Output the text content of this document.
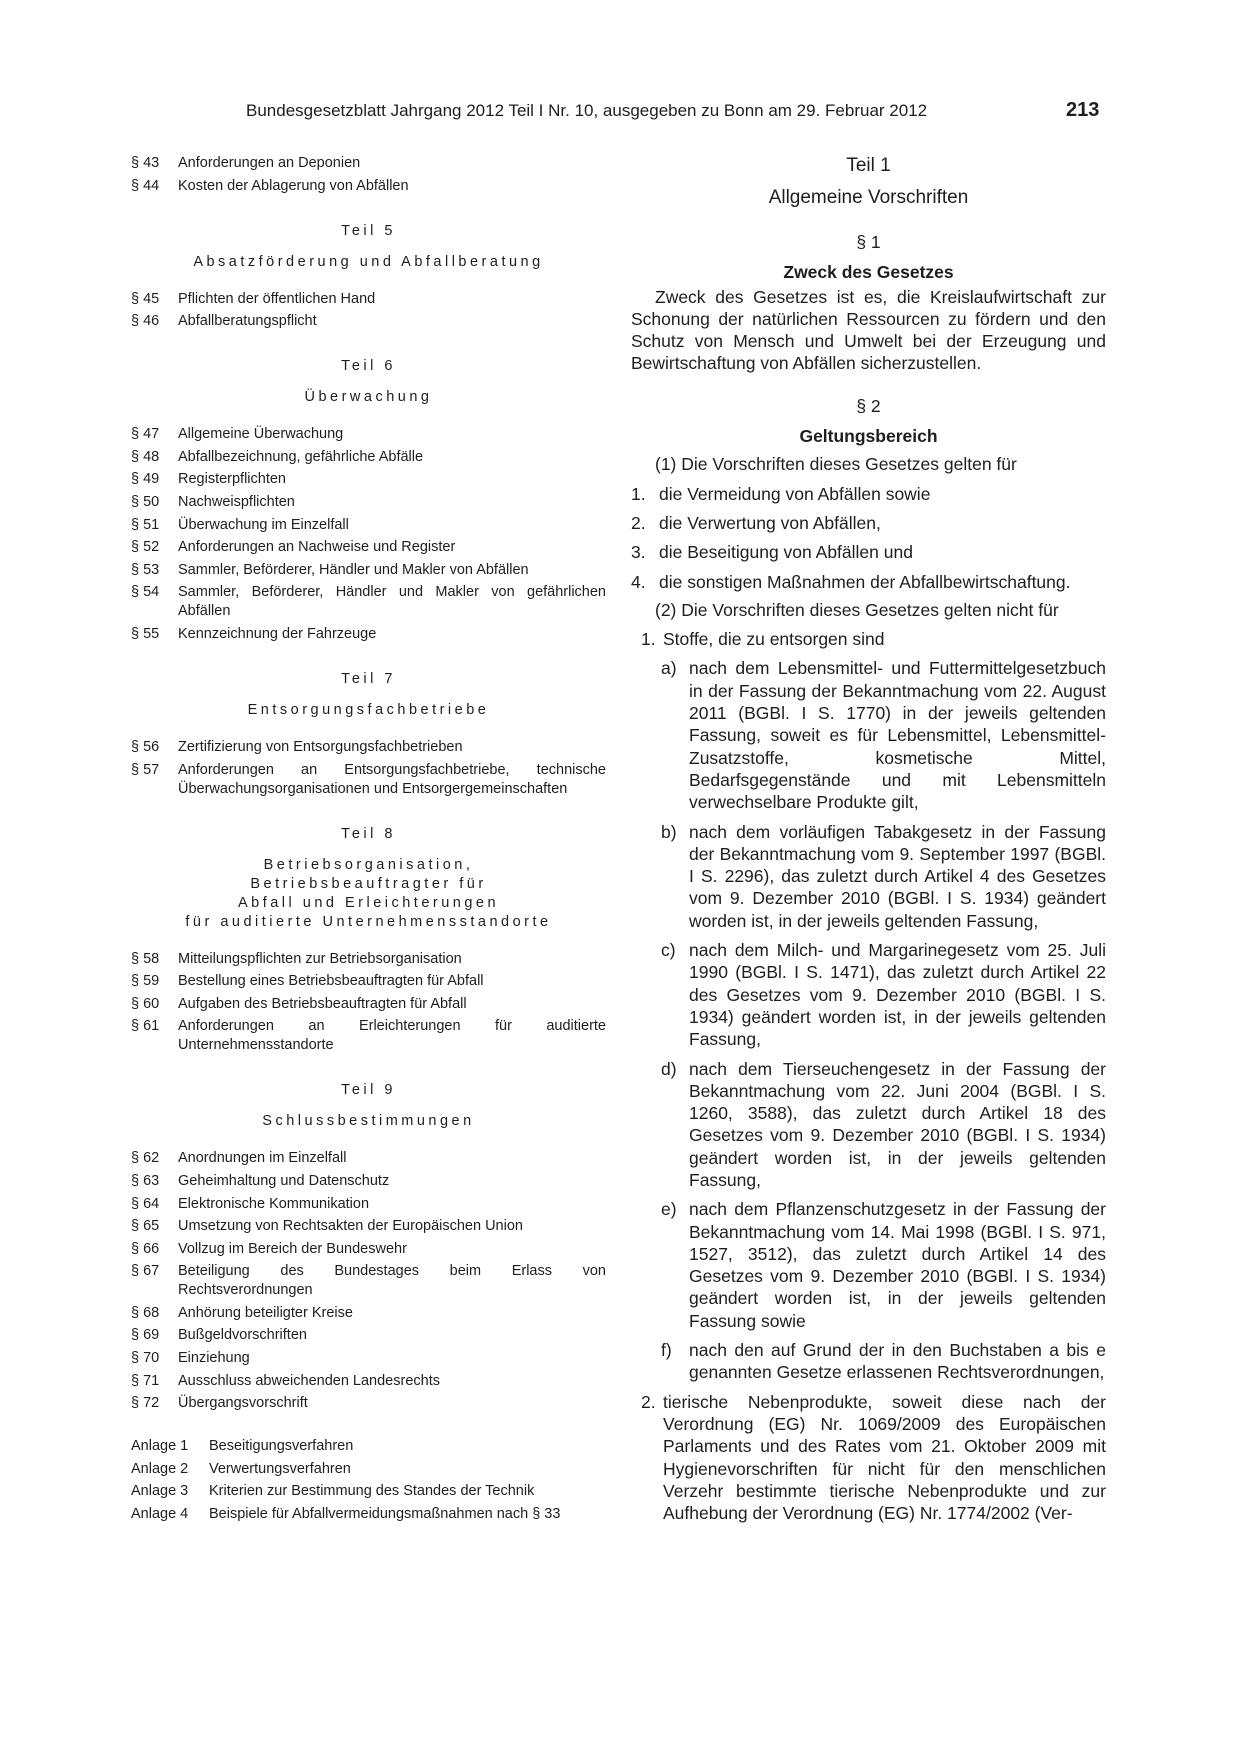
Bundesgesetzblatt Jahrgang 2012 Teil I Nr. 10, ausgegeben zu Bonn am 29. Februar 2012	213
§ 43	Anforderungen an Deponien
§ 44	Kosten der Ablagerung von Abfällen
Teil 5
Absatzförderung und Abfallberatung
§ 45	Pflichten der öffentlichen Hand
§ 46	Abfallberatungspflicht
Teil 6
Überwachung
§ 47	Allgemeine Überwachung
§ 48	Abfallbezeichnung, gefährliche Abfälle
§ 49	Registerpflichten
§ 50	Nachweispflichten
§ 51	Überwachung im Einzelfall
§ 52	Anforderungen an Nachweise und Register
§ 53	Sammler, Beförderer, Händler und Makler von Abfällen
§ 54	Sammler, Beförderer, Händler und Makler von gefährlichen Abfällen
§ 55	Kennzeichnung der Fahrzeuge
Teil 7
Entsorgungsfachbetriebe
§ 56	Zertifizierung von Entsorgungsfachbetrieben
§ 57	Anforderungen an Entsorgungsfachbetriebe, technische Überwachungsorganisationen und Entsorgergemeinschaften
Teil 8
Betriebsorganisation,
Betriebsbeauftragter für
Abfall und Erleichterungen
für auditierte Unternehmensstandorte
§ 58	Mitteilungspflichten zur Betriebsorganisation
§ 59	Bestellung eines Betriebsbeauftragten für Abfall
§ 60	Aufgaben des Betriebsbeauftragten für Abfall
§ 61	Anforderungen an Erleichterungen für auditierte Unternehmensstandorte
Teil 9
Schlussbestimmungen
§ 62	Anordnungen im Einzelfall
§ 63	Geheimhaltung und Datenschutz
§ 64	Elektronische Kommunikation
§ 65	Umsetzung von Rechtsakten der Europäischen Union
§ 66	Vollzug im Bereich der Bundeswehr
§ 67	Beteiligung des Bundestages beim Erlass von Rechtsverordnungen
§ 68	Anhörung beteiligter Kreise
§ 69	Bußgeldvorschriften
§ 70	Einziehung
§ 71	Ausschluss abweichenden Landesrechts
§ 72	Übergangsvorschrift
Anlage 1	Beseitigungsverfahren
Anlage 2	Verwertungsverfahren
Anlage 3	Kriterien zur Bestimmung des Standes der Technik
Anlage 4	Beispiele für Abfallvermeidungsmaßnahmen nach § 33
Teil 1
Allgemeine Vorschriften
§ 1
Zweck des Gesetzes
Zweck des Gesetzes ist es, die Kreislaufwirtschaft zur Schonung der natürlichen Ressourcen zu fördern und den Schutz von Mensch und Umwelt bei der Erzeugung und Bewirtschaftung von Abfällen sicherzustellen.
§ 2
Geltungsbereich
(1) Die Vorschriften dieses Gesetzes gelten für
1. die Vermeidung von Abfällen sowie
2. die Verwertung von Abfällen,
3. die Beseitigung von Abfällen und
4. die sonstigen Maßnahmen der Abfallbewirtschaftung.
(2) Die Vorschriften dieses Gesetzes gelten nicht für
1. Stoffe, die zu entsorgen sind
a) nach dem Lebensmittel- und Futtermittelgesetzbuch in der Fassung der Bekanntmachung vom 22. August 2011 (BGBl. I S. 1770) in der jeweils geltenden Fassung, soweit es für Lebensmittel, Lebensmittel-Zusatzstoffe, kosmetische Mittel, Bedarfsgegenstände und mit Lebensmitteln verwechselbare Produkte gilt,
b) nach dem vorläufigen Tabakgesetz in der Fassung der Bekanntmachung vom 9. September 1997 (BGBl. I S. 2296), das zuletzt durch Artikel 4 des Gesetzes vom 9. Dezember 2010 (BGBl. I S. 1934) geändert worden ist, in der jeweils geltenden Fassung,
c) nach dem Milch- und Margarinegesetz vom 25. Juli 1990 (BGBl. I S. 1471), das zuletzt durch Artikel 22 des Gesetzes vom 9. Dezember 2010 (BGBl. I S. 1934) geändert worden ist, in der jeweils geltenden Fassung,
d) nach dem Tierseuchengesetz in der Fassung der Bekanntmachung vom 22. Juni 2004 (BGBl. I S. 1260, 3588), das zuletzt durch Artikel 18 des Gesetzes vom 9. Dezember 2010 (BGBl. I S. 1934) geändert worden ist, in der jeweils geltenden Fassung,
e) nach dem Pflanzenschutzgesetz in der Fassung der Bekanntmachung vom 14. Mai 1998 (BGBl. I S. 971, 1527, 3512), das zuletzt durch Artikel 14 des Gesetzes vom 9. Dezember 2010 (BGBl. I S. 1934) geändert worden ist, in der jeweils geltenden Fassung sowie
f) nach den auf Grund der in den Buchstaben a bis e genannten Gesetze erlassenen Rechtsverordnungen,
2. tierische Nebenprodukte, soweit diese nach der Verordnung (EG) Nr. 1069/2009 des Europäischen Parlaments und des Rates vom 21. Oktober 2009 mit Hygienevorschriften für nicht für den menschlichen Verzehr bestimmte tierische Nebenprodukte und zur Aufhebung der Verordnung (EG) Nr. 1774/2002 (Ver-
